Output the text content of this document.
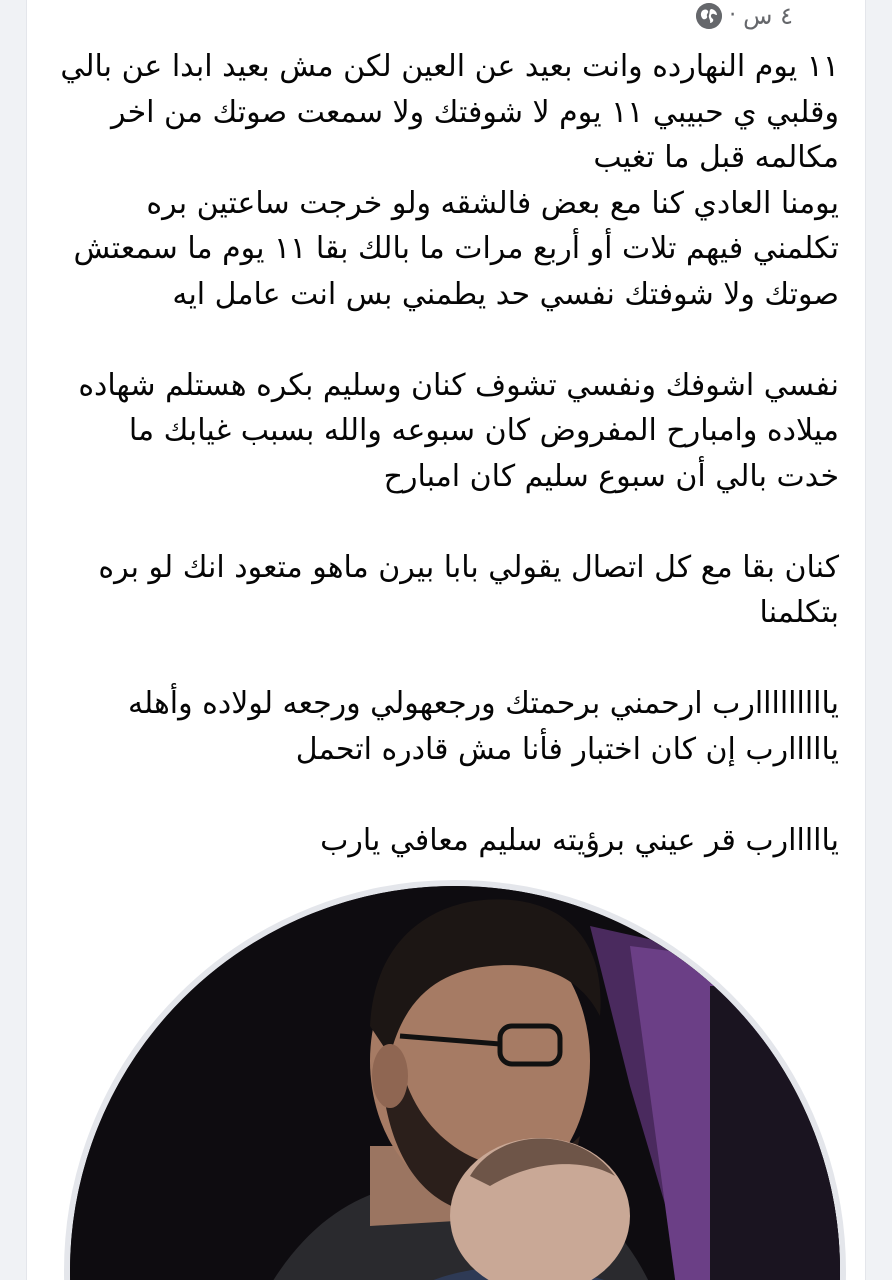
· ٤ س
١١ يوم النهارده وانت بعيد عن العين لكن مش بعيد ابدا عن بالي
وقلبي ي حبيبي ١١ يوم لا شوفتك ولا سمعت صوتك من اخر
مكالمه قبل ما تغيب
يومنا العادي كنا مع بعض فالشقه ولو خرجت ساعتين بره
تكلمني فيهم تلات أو أربع مرات ما بالك بقا ١١ يوم ما سمعتش
صوتك ولا شوفتك نفسي حد يطمني بس انت عامل ايه
نفسي اشوفك ونفسي تشوف كنان وسليم بكره هستلم شهاده
ميلاده وامبارح المفروض كان سبوعه والله بسبب غيابك ما
خدت بالي أن سبوع سليم كان امبارح
كنان بقا مع كل اتصال يقولي بابا بيرن ماهو متعود انك لو بره
بتكلمنا
يااااااااارب ارحمني برحمتك ورجعهولي ورجعه لولاده وأهله
يااااارب إن كان اختبار فأنا مش قادره اتحمل
يااااارب قر عيني برؤيته سليم معافي يارب
